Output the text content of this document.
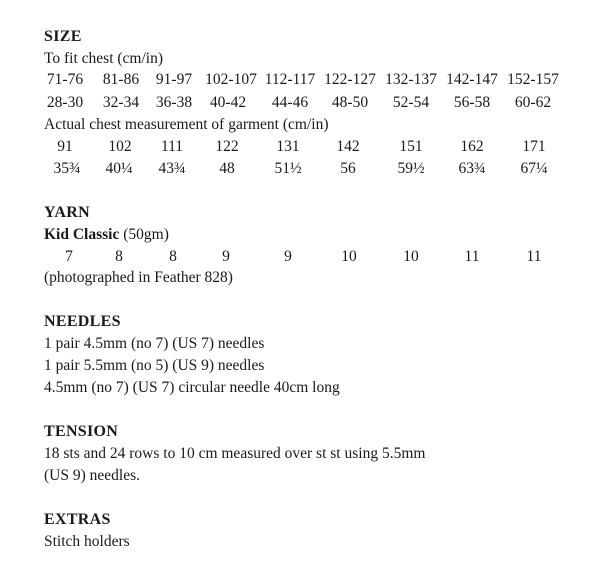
SIZE
To fit chest (cm/in)
71-76	81-86	91-97 102-107 112-117 122-127 132-137 142-147 152-157
28-30	32-34	36-38	40-42	44-46	48-50	52-54	56-58	60-62
Actual chest measurement of garment (cm/in)
91	102	111	122	131	142	151	162	171
35¾	40¼	43¾	48	51½	56	59½	63¾	67¼
YARN
Kid Classic (50gm)
7	8	8	9	9	10	10	11	11
(photographed in Feather 828)
NEEDLES
1 pair 4.5mm (no 7) (US 7) needles
1 pair 5.5mm (no 5) (US 9) needles
4.5mm (no 7) (US 7) circular needle 40cm long
TENSION
18 sts and 24 rows to 10 cm measured over st st using 5.5mm
(US 9) needles.
EXTRAS
Stitch holders
